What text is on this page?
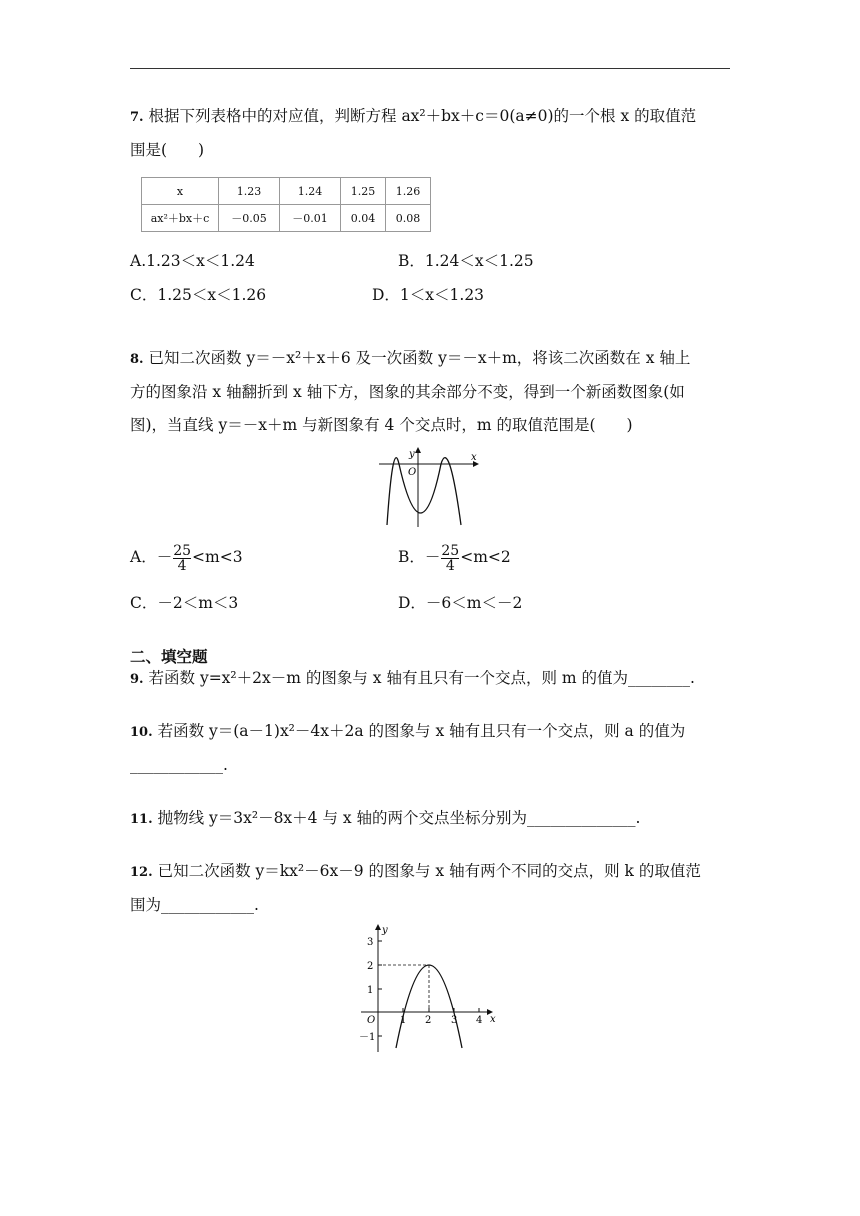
7. 根据下列表格中的对应值，判断方程 ax²＋bx＋c＝0(a≠0)的一个根 x 的取值范
围是(　　)
x	1.23	1.24	1.25	1.26
ax²＋bx＋c	－0.05	－0.01	0.04	0.08
A.1.23＜x＜1.24	B．1.24＜x＜1.25
C．1.25＜x＜1.26	D．1＜x＜1.23
8. 已知二次函数 y＝－x²＋x＋6 及一次函数 y＝－x＋m，将该二次函数在 x 轴上
方的图象沿 x 轴翻折到 x 轴下方，图象的其余部分不变，得到一个新函数图象(如
图)，当直线 y＝－x＋m 与新图象有 4 个交点时，m 的取值范围是(　　)
y	x
O
A．－ $\frac{25}{4} <m<3$	B．－ $\frac{25}{4} <m<2$
C．－2＜m＜3	D．－6＜m＜－2
二、填空题
9. 若函数 y=x²＋2x－m 的图象与 x 轴有且只有一个交点，则 m 的值为________.
10. 若函数 y＝(a－1)x²－4x＋2a 的图象与 x 轴有且只有一个交点，则 a 的值为
____________.
11. 抛物线 y＝3x²－8x＋4 与 x 轴的两个交点坐标分别为______________.
12. 已知二次函数 y＝kx²－6x－9 的图象与 x 轴有两个不同的交点，则 k 的取值范
围为____________.
y
x
O
3
2
1
－1
1 2 3 4
